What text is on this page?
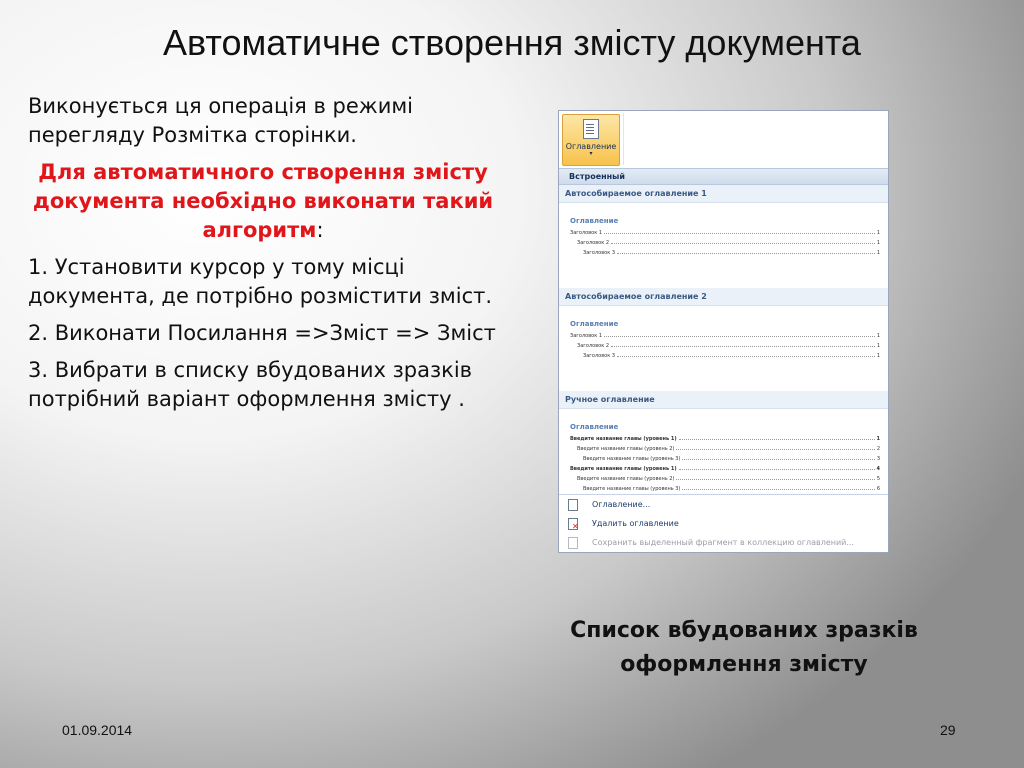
Автоматичне створення змісту документа

Виконується ця операція в режимі перегляду Розмітка сторінки.

Для автоматичного створення змісту документа необхідно виконати такий алгоритм:

1. Установити курсор у тому місці документа, де потрібно розмістити зміст.

2. Виконати Посилання =>Зміст => Зміст

3. Вибрати в списку вбудованих зразків потрібний варіант оформлення змісту .

Оглавление
▾
Встроенный
Автособираемое оглавление 1
Оглавление
Заголовок 1	1
Заголовок 2	1
Заголовок 3	1
Автособираемое оглавление 2
Оглавление
Заголовок 1	1
Заголовок 2	1
Заголовок 3	1
Ручное оглавление
Оглавление
Введите название главы (уровень 1)	1
Введите название главы (уровень 2)	2
Введите название главы (уровень 3)	3
Введите название главы (уровень 1)	4
Введите название главы (уровень 2)	5
Введите название главы (уровень 3)	6
Оглавление...
✕
Удалить оглавление
Сохранить выделенный фрагмент в коллекцию оглавлений...
Список вбудованих зразків оформлення змісту
01.09.2014	29
